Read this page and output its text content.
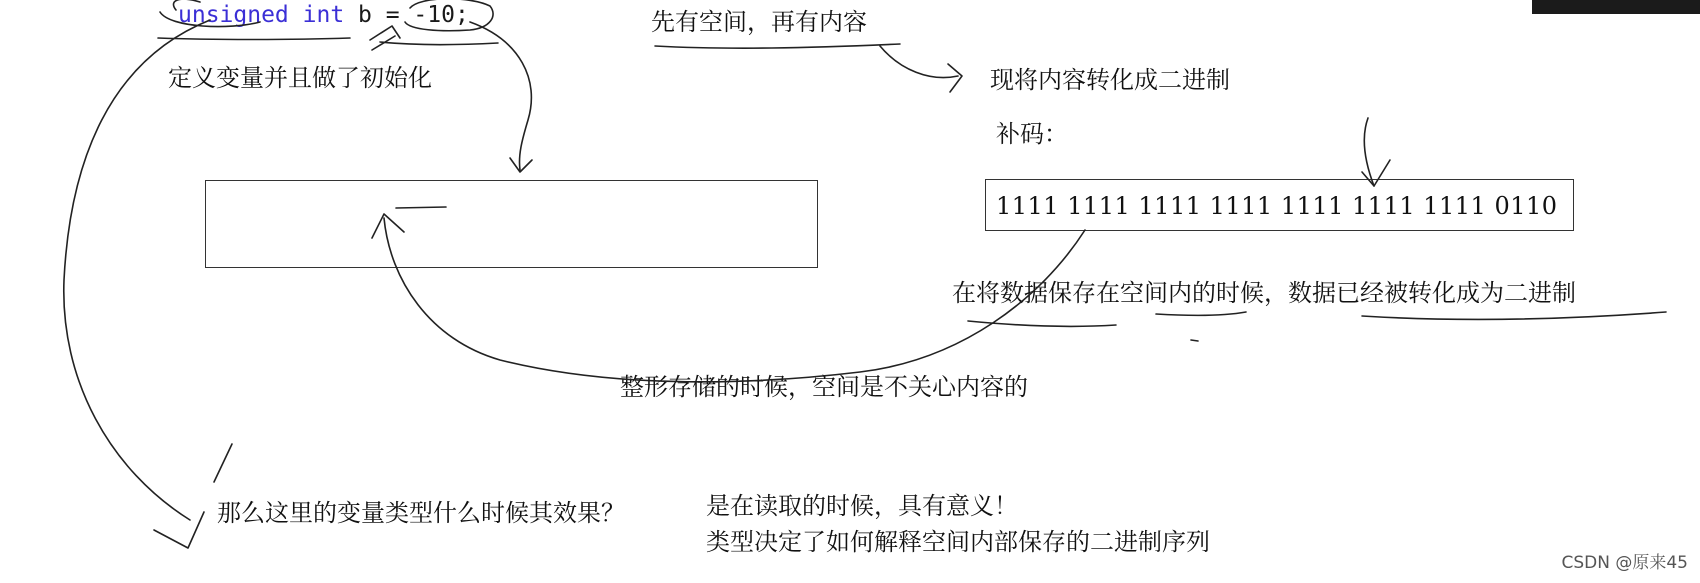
unsigned int b = -10;
定义变量并且做了初始化
先有空间，再有内容
现将内容转化成二进制
补码：
1111 1111 1111 1111 1111 1111 1111 0110
在将数据保存在空间内的时候，数据已经被转化成为二进制
整形存储的时候，空间是不关心内容的
那么这里的变量类型什么时候其效果？	是在读取的时候，具有意义！
类型决定了如何解释空间内部保存的二进制序列
CSDN @原来45
